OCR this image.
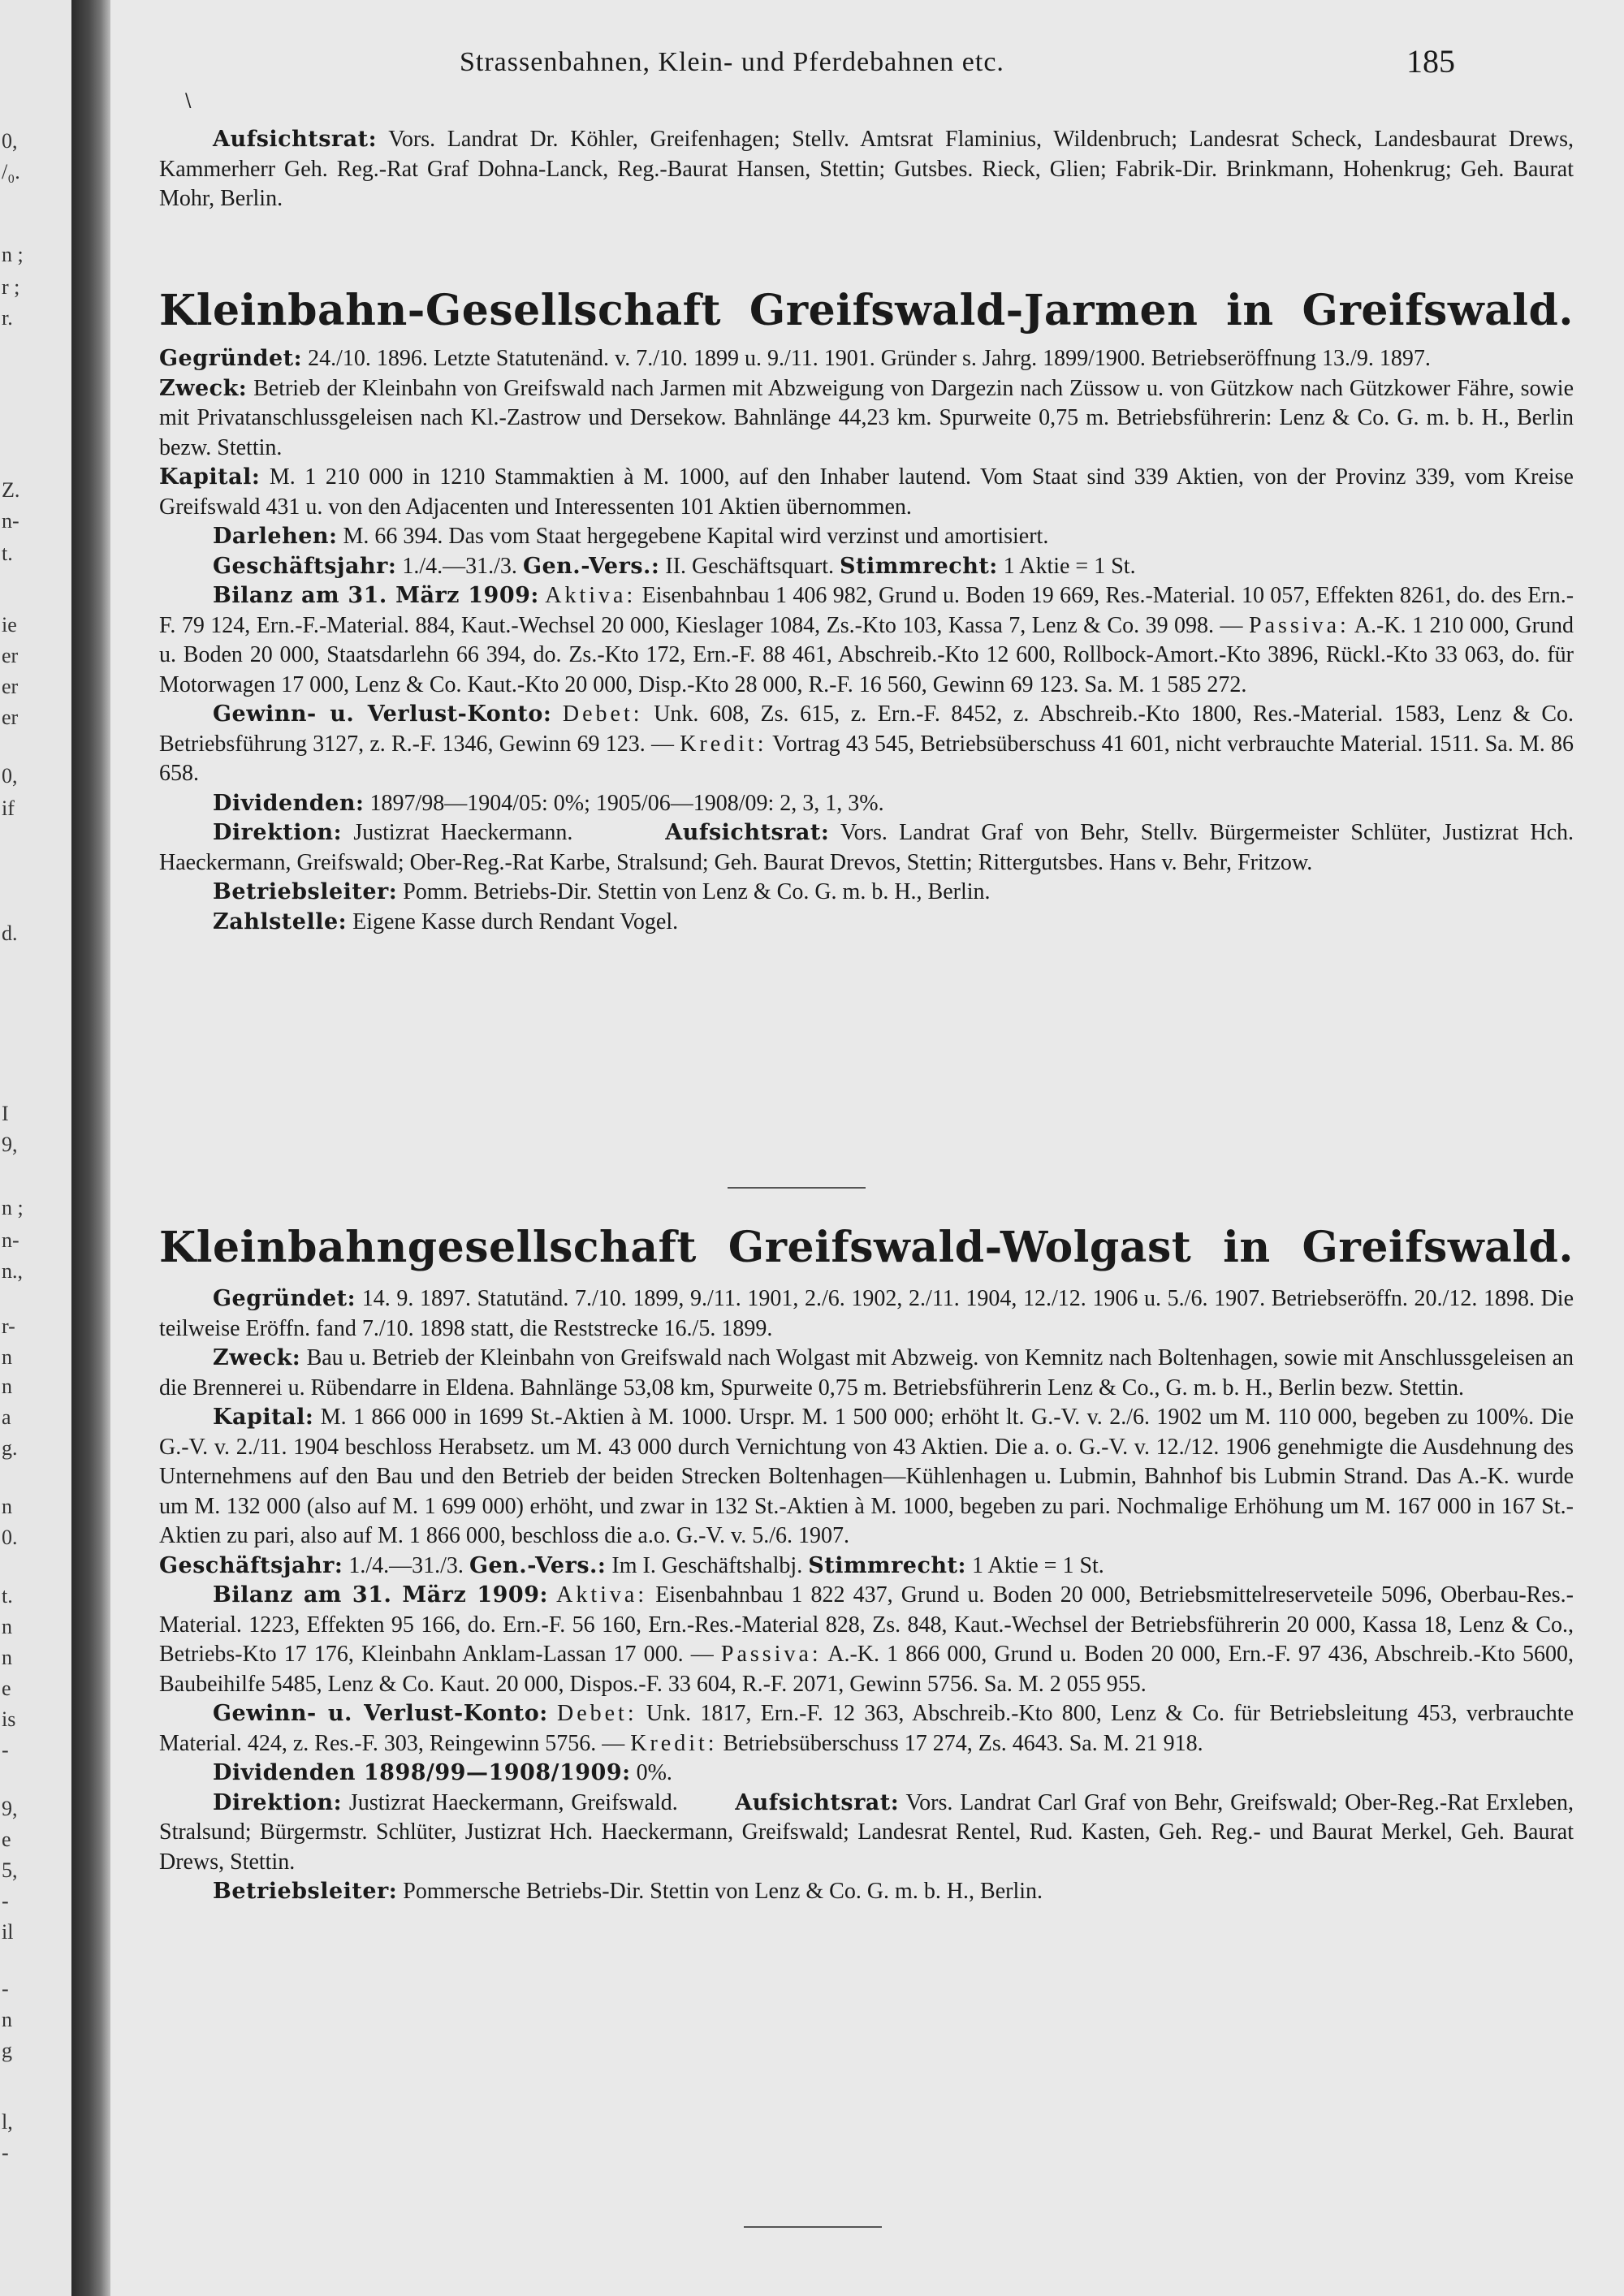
0,
/₀.
n ;
r ;
r.
Z.
n-
t.
ie
er
er
er
0,
if
d.
I
9,
n ;
n-
n.,
r-
n
n
a
g.
n
0.
t.
n
n
e
is
-
9,
e
5,
-
il
-
n
g
l,
-
Strassenbahnen, Klein- und Pferdebahnen etc.	185
\

Aufsichtsrat: Vors. Landrat Dr. Köhler, Greifenhagen; Stellv. Amtsrat Flaminius, Wildenbruch; Landesrat Scheck, Landesbaurat Drews, Kammerherr Geh. Reg.-Rat Graf Dohna-Lanck, Reg.-Baurat Hansen, Stettin; Gutsbes. Rieck, Glien; Fabrik-Dir. Brinkmann, Hohenkrug; Geh. Baurat Mohr, Berlin.

Kleinbahn-Gesellschaft Greifswald-Jarmen in Greifswald.

Gegründet: 24./10. 1896. Letzte Statutenänd. v. 7./10. 1899 u. 9./11. 1901. Gründer s. Jahrg. 1899/1900. Betriebseröffnung 13./9. 1897.

Zweck: Betrieb der Kleinbahn von Greifswald nach Jarmen mit Abzweigung von Dargezin nach Züssow u. von Gützkow nach Gützkower Fähre, sowie mit Privatanschlussgeleisen nach Kl.-Zastrow und Dersekow. Bahnlänge 44,23 km. Spurweite 0,75 m. Betriebsführerin: Lenz & Co. G. m. b. H., Berlin bezw. Stettin.

Kapital: M. 1 210 000 in 1210 Stammaktien à M. 1000, auf den Inhaber lautend. Vom Staat sind 339 Aktien, von der Provinz 339, vom Kreise Greifswald 431 u. von den Adjacenten und Interessenten 101 Aktien übernommen.

Darlehen: M. 66 394. Das vom Staat hergegebene Kapital wird verzinst und amortisiert.

Geschäftsjahr: 1./4.—31./3. Gen.-Vers.: II. Geschäftsquart. Stimmrecht: 1 Aktie = 1 St.

Bilanz am 31. März 1909: Aktiva: Eisenbahnbau 1 406 982, Grund u. Boden 19 669, Res.-Material. 10 057, Effekten 8261, do. des Ern.-F. 79 124, Ern.-F.-Material. 884, Kaut.-Wechsel 20 000, Kieslager 1084, Zs.-Kto 103, Kassa 7, Lenz & Co. 39 098. — Passiva: A.-K. 1 210 000, Grund u. Boden 20 000, Staatsdarlehn 66 394, do. Zs.-Kto 172, Ern.-F. 88 461, Abschreib.-Kto 12 600, Rollbock-Amort.-Kto 3896, Rückl.-Kto 33 063, do. für Motorwagen 17 000, Lenz & Co. Kaut.-Kto 20 000, Disp.-Kto 28 000, R.-F. 16 560, Gewinn 69 123. Sa. M. 1 585 272.

Gewinn- u. Verlust-Konto: Debet: Unk. 608, Zs. 615, z. Ern.-F. 8452, z. Abschreib.-Kto 1800, Res.-Material. 1583, Lenz & Co. Betriebsführung 3127, z. R.-F. 1346, Gewinn 69 123. — Kredit: Vortrag 43 545, Betriebsüberschuss 41 601, nicht verbrauchte Material. 1511. Sa. M. 86 658.

Dividenden: 1897/98—1904/05: 0%; 1905/06—1908/09: 2, 3, 1, 3%.

Direktion: Justizrat Haeckermann.	Aufsichtsrat: Vors. Landrat Graf von Behr, Stellv. Bürgermeister Schlüter, Justizrat Hch. Haeckermann, Greifswald; Ober-Reg.-Rat Karbe, Stralsund; Geh. Baurat Drevos, Stettin; Rittergutsbes. Hans v. Behr, Fritzow.

Betriebsleiter: Pomm. Betriebs-Dir. Stettin von Lenz & Co. G. m. b. H., Berlin.

Zahlstelle: Eigene Kasse durch Rendant Vogel.

Kleinbahngesellschaft Greifswald-Wolgast in Greifswald.

Gegründet: 14. 9. 1897. Statutänd. 7./10. 1899, 9./11. 1901, 2./6. 1902, 2./11. 1904, 12./12. 1906 u. 5./6. 1907. Betriebseröffn. 20./12. 1898. Die teilweise Eröffn. fand 7./10. 1898 statt, die Reststrecke 16./5. 1899.

Zweck: Bau u. Betrieb der Kleinbahn von Greifswald nach Wolgast mit Abzweig. von Kemnitz nach Boltenhagen, sowie mit Anschlussgeleisen an die Brennerei u. Rübendarre in Eldena. Bahnlänge 53,08 km, Spurweite 0,75 m. Betriebsführerin Lenz & Co., G. m. b. H., Berlin bezw. Stettin.

Kapital: M. 1 866 000 in 1699 St.-Aktien à M. 1000. Urspr. M. 1 500 000; erhöht lt. G.-V. v. 2./6. 1902 um M. 110 000, begeben zu 100%. Die G.-V. v. 2./11. 1904 beschloss Herabsetz. um M. 43 000 durch Vernichtung von 43 Aktien. Die a. o. G.-V. v. 12./12. 1906 genehmigte die Ausdehnung des Unternehmens auf den Bau und den Betrieb der beiden Strecken Boltenhagen—Kühlenhagen u. Lubmin, Bahnhof bis Lubmin Strand. Das A.-K. wurde um M. 132 000 (also auf M. 1 699 000) erhöht, und zwar in 132 St.-Aktien à M. 1000, begeben zu pari. Nochmalige Erhöhung um M. 167 000 in 167 St.-Aktien zu pari, also auf M. 1 866 000, beschloss die a.o. G.-V. v. 5./6. 1907.

Geschäftsjahr: 1./4.—31./3. Gen.-Vers.: Im I. Geschäftshalbj. Stimmrecht: 1 Aktie = 1 St.

Bilanz am 31. März 1909: Aktiva: Eisenbahnbau 1 822 437, Grund u. Boden 20 000, Betriebsmittelreserveteile 5096, Oberbau-Res.-Material. 1223, Effekten 95 166, do. Ern.-F. 56 160, Ern.-Res.-Material 828, Zs. 848, Kaut.-Wechsel der Betriebsführerin 20 000, Kassa 18, Lenz & Co., Betriebs-Kto 17 176, Kleinbahn Anklam-Lassan 17 000. — Passiva: A.-K. 1 866 000, Grund u. Boden 20 000, Ern.-F. 97 436, Abschreib.-Kto 5600, Baubeihilfe 5485, Lenz & Co. Kaut. 20 000, Dispos.-F. 33 604, R.-F. 2071, Gewinn 5756. Sa. M. 2 055 955.

Gewinn- u. Verlust-Konto: Debet: Unk. 1817, Ern.-F. 12 363, Abschreib.-Kto 800, Lenz & Co. für Betriebsleitung 453, verbrauchte Material. 424, z. Res.-F. 303, Reingewinn 5756. — Kredit: Betriebsüberschuss 17 274, Zs. 4643. Sa. M. 21 918.

Dividenden 1898/99—1908/1909: 0%.

Direktion: Justizrat Haeckermann, Greifswald.        Aufsichtsrat: Vors. Landrat Carl Graf von Behr, Greifswald; Ober-Reg.-Rat Erxleben, Stralsund; Bürgermstr. Schlüter, Justizrat Hch. Haeckermann, Greifswald; Landesrat Rentel, Rud. Kasten, Geh. Reg.- und Baurat Merkel, Geh. Baurat Drews, Stettin.

Betriebsleiter: Pommersche Betriebs-Dir. Stettin von Lenz & Co. G. m. b. H., Berlin.
